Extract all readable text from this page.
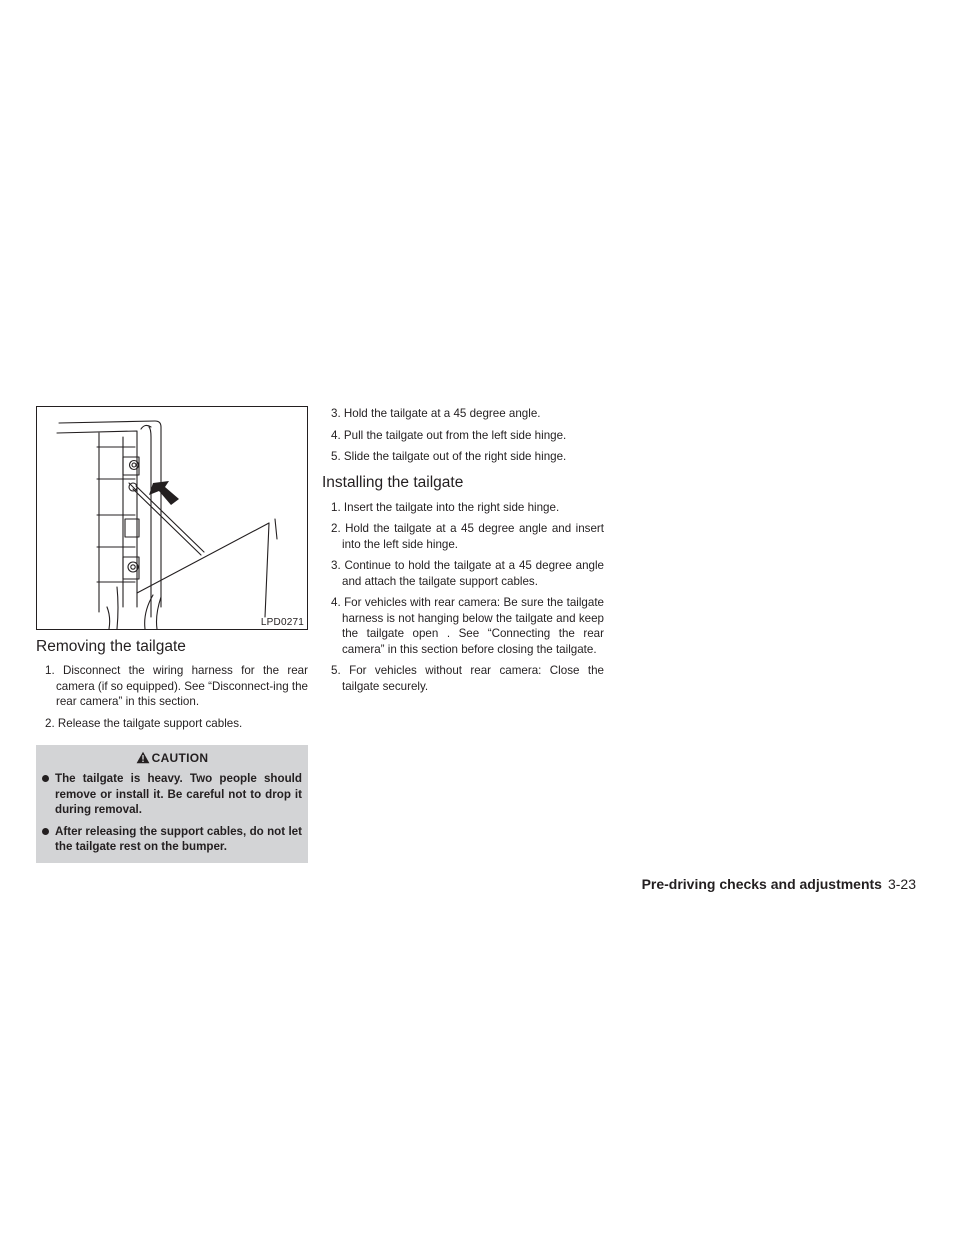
LPD0271
Removing the tailgate
1. Disconnect the wiring harness for the rear camera (if so equipped). See “Disconnect-ing the rear camera” in this section.
2. Release the tailgate support cables.
CAUTION
The tailgate is heavy. Two people should remove or install it. Be careful not to drop it during removal.
After releasing the support cables, do not let the tailgate rest on the bumper.
3. Hold the tailgate at a 45 degree angle.
4. Pull the tailgate out from the left side hinge.
5. Slide the tailgate out of the right side hinge.
Installing the tailgate
1. Insert the tailgate into the right side hinge.
2. Hold the tailgate at a 45 degree angle and insert into the left side hinge.
3. Continue to hold the tailgate at a 45 degree angle and attach the tailgate support cables.
4. For vehicles with rear camera: Be sure the tailgate harness is not hanging below the tailgate and keep the tailgate open . See “Connecting the rear camera” in this section before closing the tailgate.
5. For vehicles without rear camera: Close the tailgate securely.
Pre-driving checks and adjustments 3-23
